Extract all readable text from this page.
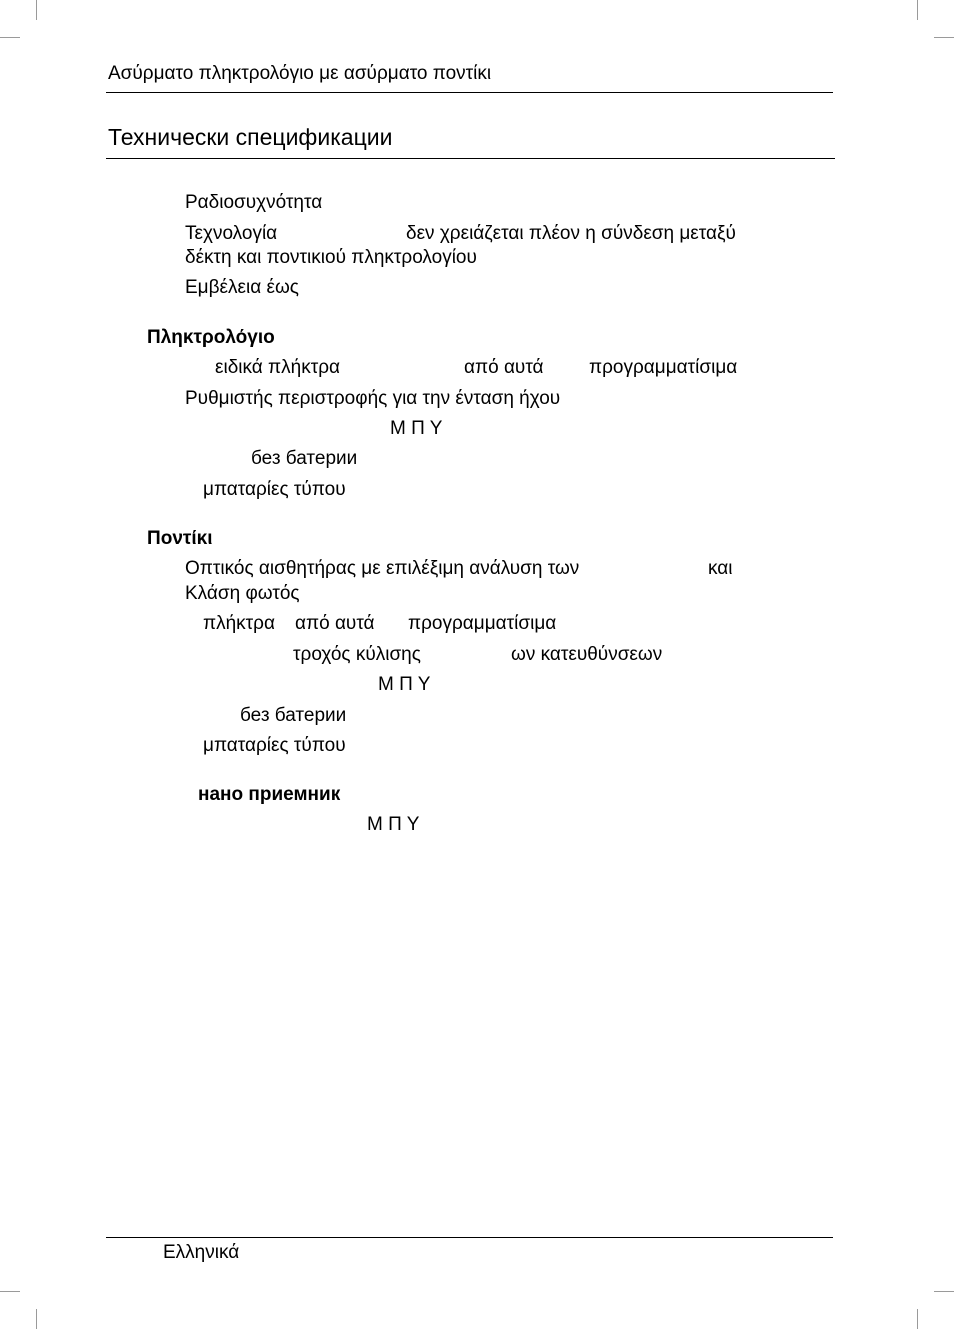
Ασύρματο πληκτρολόγιο με ασύρματο ποντίκι
Технически спецификации
Ραδιοσυχνότητα
Τεχνολογία	δεν χρειάζεται πλέον η σύνδεση μεταξύ
δέκτη και ποντικιού πληκτρολογίου
Εμβέλεια έως
Πληκτρολόγιο
ειδικά πλήκτρα	από αυτά προγραμματίσιμα
Ρυθμιστής περιστροφής για την ένταση ήχου
Μ Π Υ
без батерии
μπαταρίες τύπου
Ποντίκι
Οπτικός αισθητήρας με επιλέξιμη ανάλυση των	και
Κλάση φωτός
πλήκτρα από αυτά προγραμματίσιμα
τροχός κύλισης	ων κατευθύνσεων
Μ Π Υ
без батерии
μπαταρίες τύπου
нано приемник
Μ Π Υ
Ελληνικά
